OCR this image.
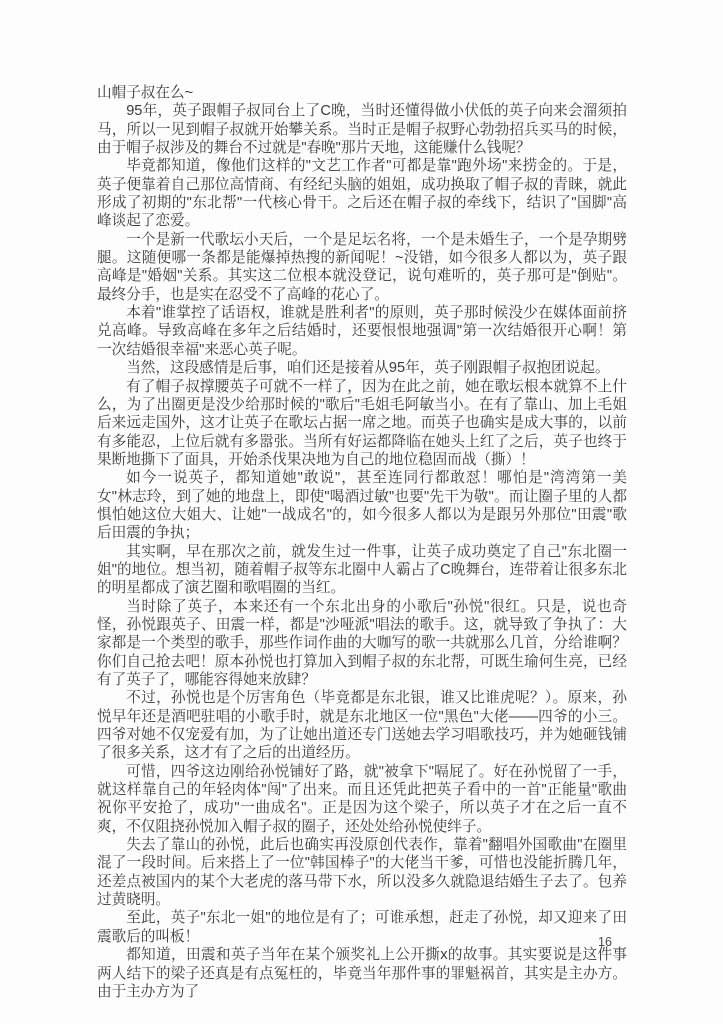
山帽子叔在么~

95年，英子跟帽子叔同台上了C晚，当时还懂得做小伏低的英子向来会溜须拍马，所以一见到帽子叔就开始攀关系。当时正是帽子叔野心勃勃招兵买马的时候，由于帽子叔涉及的舞台不过就是"春晚"那片天地，这能赚什么钱呢？

毕竟都知道，像他们这样的"文艺工作者"可都是靠"跑外场"来捞金的。于是，英子便靠着自己那位高情商、有经纪头脑的姐姐，成功换取了帽子叔的青睐，就此形成了初期的"东北帮"一代核心骨干。之后还在帽子叔的牵线下，结识了"国脚"高峰谈起了恋爱。

一个是新一代歌坛小天后，一个是足坛名将，一个是未婚生子，一个是孕期劈腿。这随便哪一条都是能爆掉热搜的新闻呢！~没错，如今很多人都以为，英子跟高峰是"婚姻"关系。其实这二位根本就没登记，说句难听的，英子那可是"倒贴"。最终分手，也是实在忍受不了高峰的花心了。

本着"谁掌控了话语权，谁就是胜利者"的原则，英子那时候没少在媒体面前挤兑高峰。导致高峰在多年之后结婚时，还要恨恨地强调"第一次结婚很开心啊！第一次结婚很幸福"来恶心英子呢。

当然，这段感情是后事，咱们还是接着从95年，英子刚跟帽子叔抱团说起。

有了帽子叔撑腰英子可就不一样了，因为在此之前，她在歌坛根本就算不上什么，为了出圈更是没少给那时候的"歌后"毛姐毛阿敏当小。在有了靠山、加上毛姐后来远走国外，这才让英子在歌坛占据一席之地。而英子也确实是成大事的，以前有多能忍，上位后就有多嚣张。当所有好运都降临在她头上红了之后，英子也终于果断地撕下了面具，开始杀伐果决地为自己的地位稳固而战（撕）！

如今一说英子，都知道她"敢说"，甚至连同行都敢怼！哪怕是"湾湾第一美女"林志玲，到了她的地盘上，即使"喝酒过敏"也要"先干为敬"。而让圈子里的人都惧怕她这位大姐大、让她"一战成名"的，如今很多人都以为是跟另外那位"田震"歌后田震的争执；

其实啊，早在那次之前，就发生过一件事，让英子成功奠定了自己"东北圈一姐"的地位。想当初，随着帽子叔等东北圈中人霸占了C晚舞台，连带着让很多东北的明星都成了演艺圈和歌唱圈的当红。

当时除了英子，本来还有一个东北出身的小歌后"孙悦"很红。只是，说也奇怪，孙悦跟英子、田震一样，都是"沙哑派"唱法的歌手。这，就导致了争执了：大家都是一个类型的歌手，那些作词作曲的大咖写的歌一共就那么几首，分给谁啊？你们自己抢去吧！原本孙悦也打算加入到帽子叔的东北帮，可既生瑜何生亮，已经有了英子了，哪能容得她来放肆？

不过，孙悦也是个厉害角色（毕竟都是东北银，谁又比谁虎呢？）。原来，孙悦早年还是酒吧驻唱的小歌手时，就是东北地区一位"黑色"大佬——四爷的小三。四爷对她不仅宠爱有加，为了让她出道还专门送她去学习唱歌技巧，并为她砸钱铺了很多关系，这才有了之后的出道经历。

可惜，四爷这边刚给孙悦铺好了路，就"被拿下"嗝屁了。好在孙悦留了一手，就这样靠自己的年轻肉体"闯"了出来。而且还凭此把英子看中的一首"正能量"歌曲祝你平安抢了，成功"一曲成名"。正是因为这个梁子，所以英子才在之后一直不爽，不仅阻挠孙悦加入帽子叔的圈子，还处处给孙悦使绊子。

失去了靠山的孙悦，此后也确实再没原创代表作，靠着"翻唱外国歌曲"在圈里混了一段时间。后来搭上了一位"韩国棒子"的大佬当干爹，可惜也没能折腾几年，还差点被国内的某个大老虎的落马带下水，所以没多久就隐退结婚生子去了。包养过黄晓明。

至此，英子"东北一姐"的地位是有了；可谁承想，赶走了孙悦，却又迎来了田震歌后的叫板！

都知道，田震和英子当年在某个颁奖礼上公开撕x的故事。其实要说是这件事两人结下的梁子还真是有点冤枉的，毕竟当年那件事的罪魁祸首，其实是主办方。由于主办方为了

16
